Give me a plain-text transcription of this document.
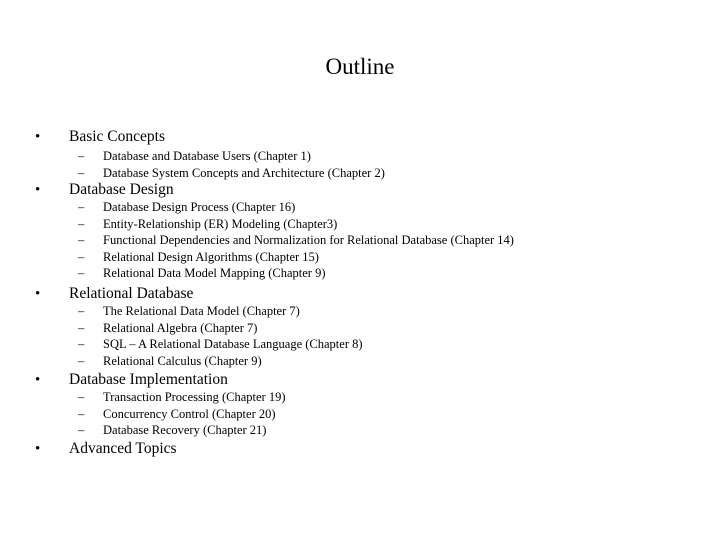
Outline
• Basic Concepts
– Database and Database Users (Chapter 1)
– Database System Concepts and Architecture (Chapter 2)
• Database Design
– Database Design Process (Chapter 16)
– Entity-Relationship (ER) Modeling (Chapter3)
– Functional Dependencies and Normalization for Relational Database (Chapter 14)
– Relational Design Algorithms (Chapter 15)
– Relational Data Model Mapping (Chapter 9)
• Relational Database
– The Relational Data Model (Chapter 7)
– Relational Algebra (Chapter 7)
– SQL – A Relational Database Language (Chapter 8)
– Relational Calculus (Chapter 9)
• Database Implementation
– Transaction Processing (Chapter 19)
– Concurrency Control (Chapter 20)
– Database Recovery (Chapter 21)
• Advanced Topics
